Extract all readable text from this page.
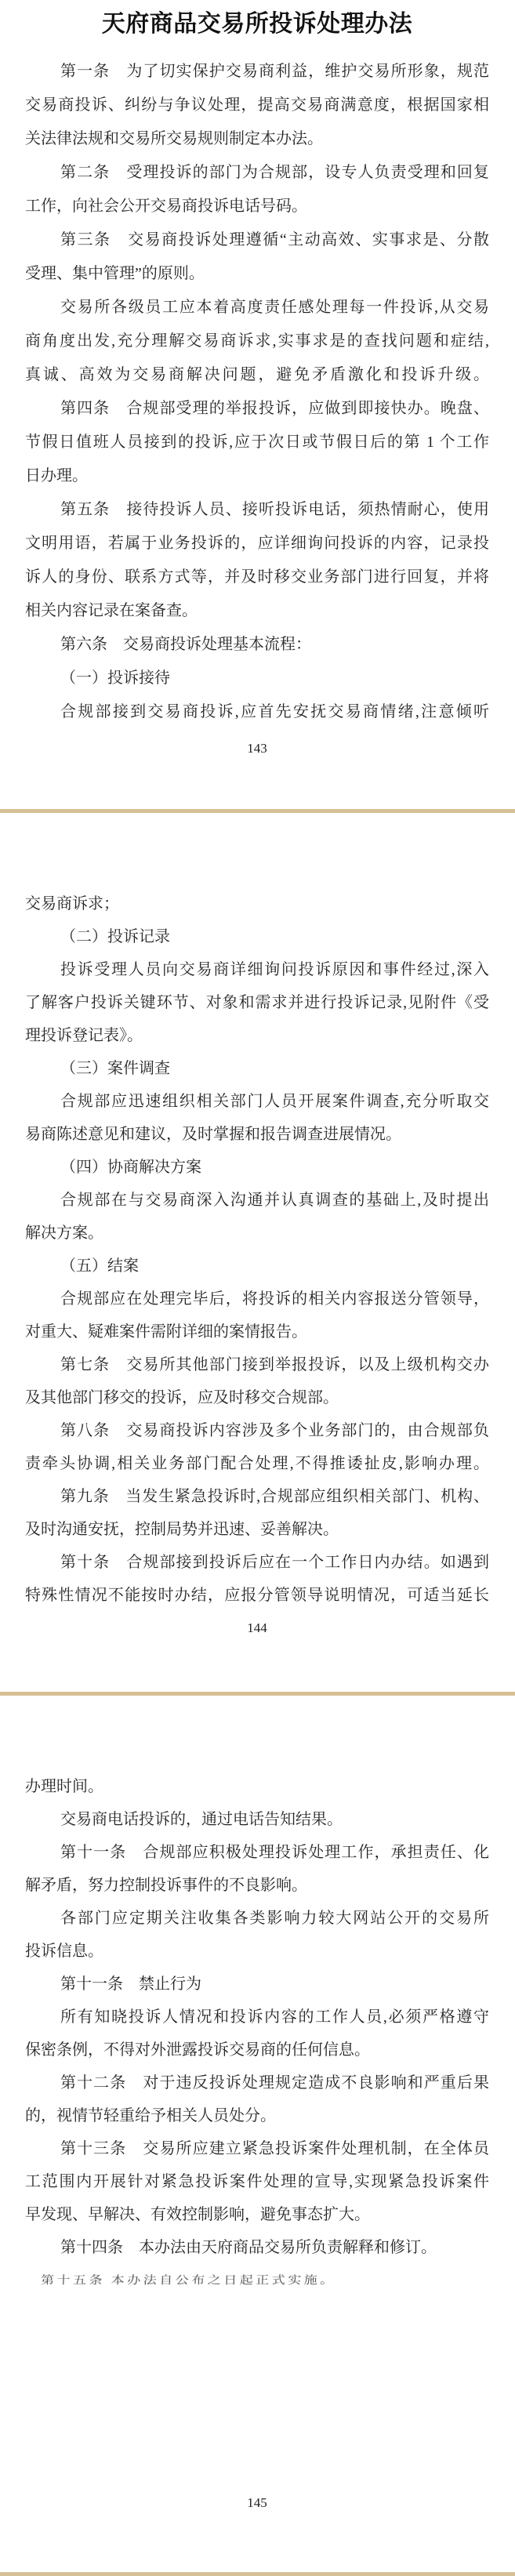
天府商品交易所投诉处理办法
第一条　为了切实保护交易商利益，维护交易所形象，规范
交易商投诉、纠纷与争议处理，提高交易商满意度，根据国家相
关法律法规和交易所交易规则制定本办法。
第二条　受理投诉的部门为合规部，设专人负责受理和回复
工作，向社会公开交易商投诉电话号码。
第三条　交易商投诉处理遵循“主动高效、实事求是、分散
受理、集中管理”的原则。
交易所各级员工应本着高度责任感处理每一件投诉,从交易
商角度出发,充分理解交易商诉求,实事求是的查找问题和症结,
真诚、高效为交易商解决问题，避免矛盾激化和投诉升级。
第四条　合规部受理的举报投诉，应做到即接快办。晚盘、
节假日值班人员接到的投诉,应于次日或节假日后的第 1 个工作
日办理。
第五条　接待投诉人员、接听投诉电话，须热情耐心，使用
文明用语，若属于业务投诉的，应详细询问投诉的内容，记录投
诉人的身份、联系方式等，并及时移交业务部门进行回复，并将
相关内容记录在案备查。
第六条　交易商投诉处理基本流程：
（一）投诉接待
合规部接到交易商投诉,应首先安抚交易商情绪,注意倾听
143
交易商诉求；
（二）投诉记录
投诉受理人员向交易商详细询问投诉原因和事件经过,深入
了解客户投诉关键环节、对象和需求并进行投诉记录,见附件《受
理投诉登记表》。
（三）案件调查
合规部应迅速组织相关部门人员开展案件调查,充分听取交
易商陈述意见和建议，及时掌握和报告调查进展情况。
（四）协商解决方案
合规部在与交易商深入沟通并认真调查的基础上,及时提出
解决方案。
（五）结案
合规部应在处理完毕后，将投诉的相关内容报送分管领导，
对重大、疑难案件需附详细的案情报告。
第七条　交易所其他部门接到举报投诉，以及上级机构交办
及其他部门移交的投诉，应及时移交合规部。
第八条　交易商投诉内容涉及多个业务部门的，由合规部负
责牵头协调,相关业务部门配合处理,不得推诿扯皮,影响办理。
第九条　当发生紧急投诉时,合规部应组织相关部门、机构、
及时沟通安抚，控制局势并迅速、妥善解决。
第十条　合规部接到投诉后应在一个工作日内办结。如遇到
特殊性情况不能按时办结，应报分管领导说明情况，可适当延长
144
办理时间。
交易商电话投诉的，通过电话告知结果。
第十一条　合规部应积极处理投诉处理工作，承担责任、化
解矛盾，努力控制投诉事件的不良影响。
各部门应定期关注收集各类影响力较大网站公开的交易所
投诉信息。
第十一条　禁止行为
所有知晓投诉人情况和投诉内容的工作人员,必须严格遵守
保密条例，不得对外泄露投诉交易商的任何信息。
第十二条　对于违反投诉处理规定造成不良影响和严重后果
的，视情节轻重给予相关人员处分。
第十三条　交易所应建立紧急投诉案件处理机制，在全体员
工范围内开展针对紧急投诉案件处理的宣导,实现紧急投诉案件
早发现、早解决、有效控制影响，避免事态扩大。
第十四条　本办法由天府商品交易所负责解释和修订。
第十五条 本办法自公布之日起正式实施。
145
